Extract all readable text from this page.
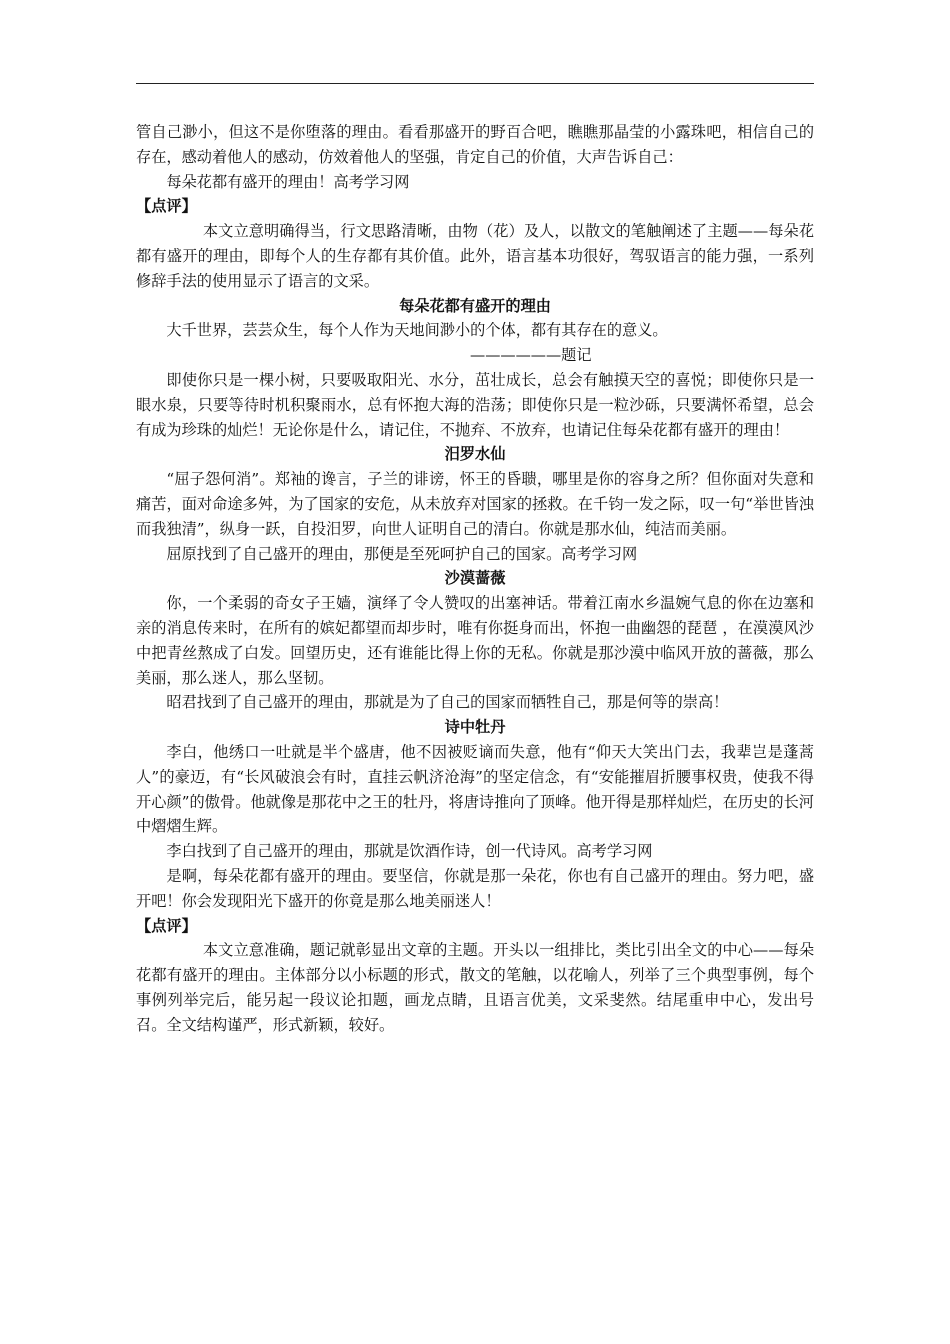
管自己渺小，但这不是你堕落的理由。看看那盛开的野百合吧，瞧瞧那晶莹的小露珠吧，相信自己的存在，感动着他人的感动，仿效着他人的坚强，肯定自己的价值，大声告诉自己：

每朵花都有盛开的理由！高考学习网

【点评】

本文立意明确得当，行文思路清晰，由物（花）及人，以散文的笔触阐述了主题——每朵花都有盛开的理由，即每个人的生存都有其价值。此外，语言基本功很好，驾驭语言的能力强，一系列修辞手法的使用显示了语言的文采。

每朵花都有盛开的理由

大千世界，芸芸众生，每个人作为天地间渺小的个体，都有其存在的意义。

——————题记

即使你只是一棵小树，只要吸取阳光、水分，茁壮成长，总会有触摸天空的喜悦；即使你只是一眼水泉，只要等待时机积聚雨水，总有怀抱大海的浩荡；即使你只是一粒沙砾，只要满怀希望，总会有成为珍珠的灿烂！无论你是什么，请记住，不抛弃、不放弃，也请记住每朵花都有盛开的理由！

汨罗水仙

“屈子怨何消”。郑袖的谗言，子兰的诽谤，怀王的昏聩，哪里是你的容身之所？但你面对失意和痛苦，面对命途多舛，为了国家的安危，从未放弃对国家的拯救。在千钧一发之际，叹一句“举世皆浊而我独清”，纵身一跃，自投汨罗，向世人证明自己的清白。你就是那水仙，纯洁而美丽。

屈原找到了自己盛开的理由，那便是至死呵护自己的国家。高考学习网

沙漠蔷薇

你，一个柔弱的奇女子王嫱，演绎了令人赞叹的出塞神话。带着江南水乡温婉气息的你在边塞和亲的消息传来时，在所有的嫔妃都望而却步时，唯有你挺身而出，怀抱一曲幽怨的琵琶 ，在漠漠风沙中把青丝熬成了白发。回望历史，还有谁能比得上你的无私。你就是那沙漠中临风开放的蔷薇，那么美丽，那么迷人，那么坚韧。

昭君找到了自己盛开的理由，那就是为了自己的国家而牺牲自己，那是何等的崇高！

诗中牡丹

李白，他绣口一吐就是半个盛唐，他不因被贬谪而失意，他有“仰天大笑出门去，我辈岂是蓬蒿人”的豪迈，有“长风破浪会有时，直挂云帆济沧海”的坚定信念，有“安能摧眉折腰事权贵，使我不得开心颜”的傲骨。他就像是那花中之王的牡丹，将唐诗推向了顶峰。他开得是那样灿烂，在历史的长河中熠熠生辉。

李白找到了自己盛开的理由，那就是饮酒作诗，创一代诗风。高考学习网

是啊，每朵花都有盛开的理由。要坚信，你就是那一朵花，你也有自己盛开的理由。努力吧，盛开吧！你会发现阳光下盛开的你竟是那么地美丽迷人！

【点评】

本文立意准确，题记就彰显出文章的主题。开头以一组排比，类比引出全文的中心——每朵花都有盛开的理由。主体部分以小标题的形式，散文的笔触，以花喻人，列举了三个典型事例，每个事例列举完后，能另起一段议论扣题，画龙点睛，且语言优美，文采斐然。结尾重申中心，发出号召。全文结构谨严，形式新颖，较好。
